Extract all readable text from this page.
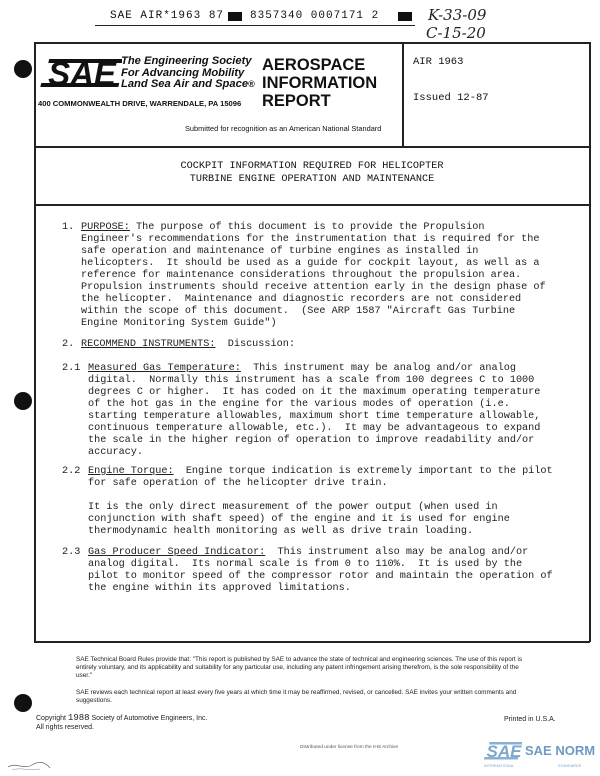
SAE AIR*1963 87 8357340 0007171 2	K-33-09
C-15-20
SAE The Engineering Society
For Advancing Mobility
Land Sea Air and Space®
400 COMMONWEALTH DRIVE, WARRENDALE, PA 15096
AEROSPACE
INFORMATION
REPORT
Submitted for recognition as an American National Standard
AIR 1963
Issued 12-87
COCKPIT INFORMATION REQUIRED FOR HELICOPTER
TURBINE ENGINE OPERATION AND MAINTENANCE
1. PURPOSE: The purpose of this document is to provide the Propulsion
Engineer's recommendations for the instrumentation that is required for the
safe operation and maintenance of turbine engines as installed in
helicopters.  It should be used as a guide for cockpit layout, as well as a
reference for maintenance considerations throughout the propulsion area.
Propulsion instruments should receive attention early in the design phase of
the helicopter.  Maintenance and diagnostic recorders are not considered
within the scope of this document.  (See ARP 1587 "Aircraft Gas Turbine
Engine Monitoring System Guide")
2. RECOMMEND INSTRUMENTS:  Discussion:
2.1 Measured Gas Temperature:  This instrument may be analog and/or analog
digital.  Normally this instrument has a scale from 100 degrees C to 1000
degrees C or higher.  It has coded on it the maximum operating temperature
of the hot gas in the engine for the various modes of operation (i.e.
starting temperature allowables, maximum short time temperature allowable,
continuous temperature allowable, etc.).  It may be advantageous to expand
the scale in the higher region of operation to improve readability and/or
accuracy.
2.2 Engine Torque:  Engine torque indication is extremely important to the pilot
for safe operation of the helicopter drive train.

It is the only direct measurement of the power output (when used in
conjunction with shaft speed) of the engine and it is used for engine
thermodynamic health monitoring as well as drive train loading.
2.3 Gas Producer Speed Indicator:  This instrument also may be analog and/or
analog digital.  Its normal scale is from 0 to 110%.  It is used by the
pilot to monitor speed of the compressor rotor and maintain the operation of
the engine within its approved limitations.
SAE Technical Board Rules provide that: "This report is published by SAE to advance the state of technical and engineering sciences. The use of this report is entirely voluntary, and its applicability and suitability for any particular use, including any patent infringement arising therefrom, is the sole responsibility of the user."
SAE reviews each technical report at least every five years at which time it may be reaffirmed, revised, or cancelled. SAE invites your written comments and suggestions.
Copyright 1988 Society of Automotive Engineers, Inc.
All rights reserved.
Printed in U.S.A.
Distributed under license from the IHS Archive	SAE SAE NORM
INTERNATIONAL	STANDARDS
